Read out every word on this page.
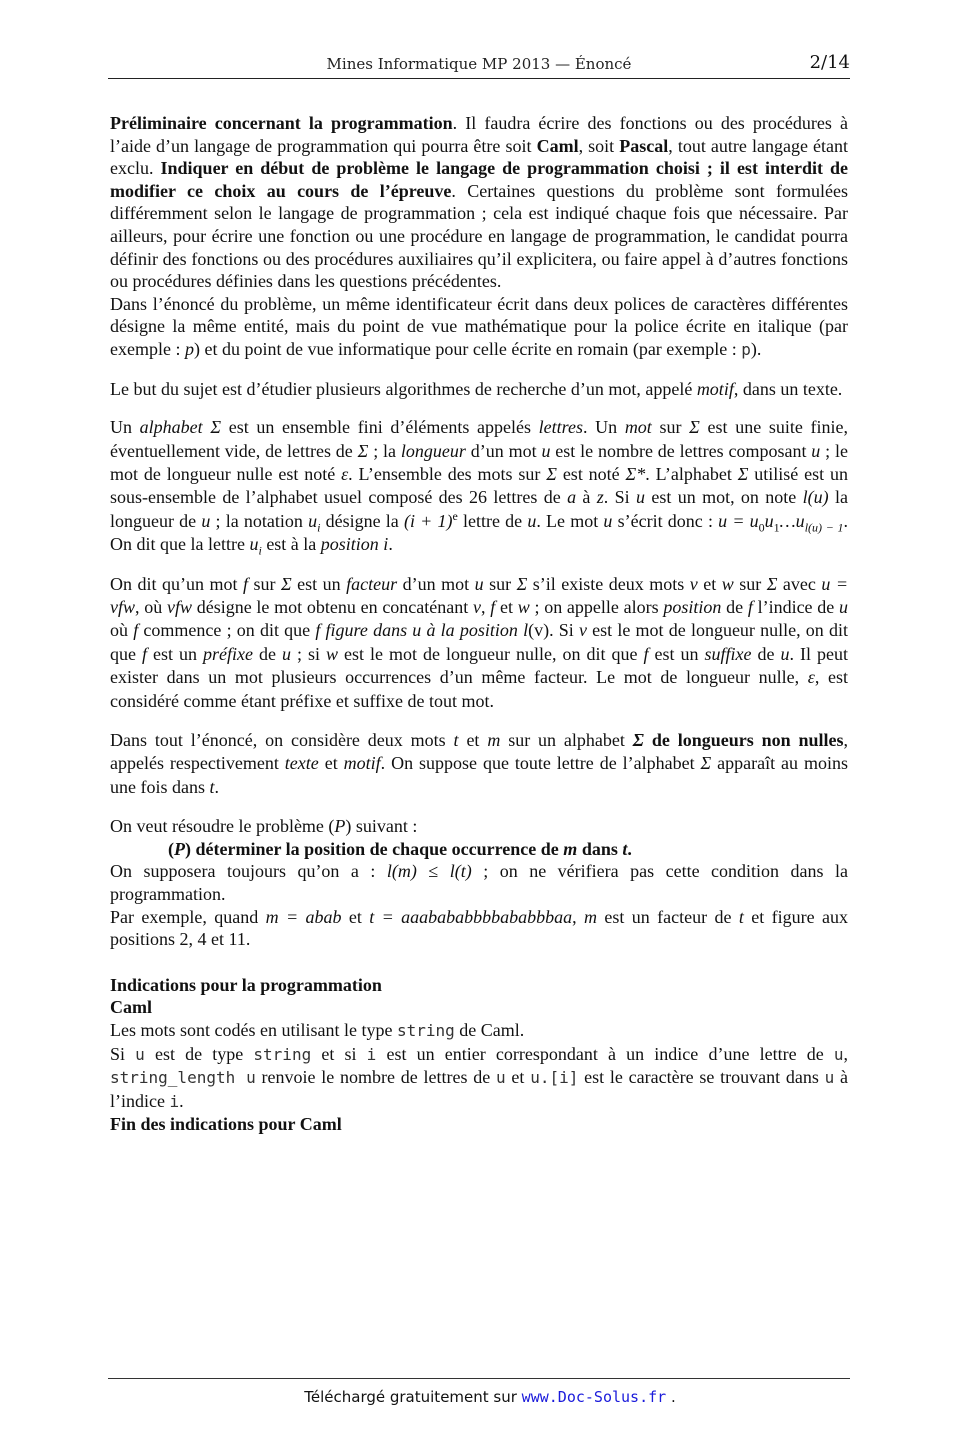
Mines Informatique MP 2013 — Énoncé	2/14

Préliminaire concernant la programmation. Il faudra écrire des fonctions ou des procédures à l’aide d’un langage de programmation qui pourra être soit Caml, soit Pascal, tout autre langage étant exclu. Indiquer en début de problème le langage de programmation choisi ; il est interdit de modifier ce choix au cours de l’épreuve. Certaines questions du problème sont formulées différemment selon le langage de programmation ; cela est indiqué chaque fois que nécessaire. Par ailleurs, pour écrire une fonction ou une procédure en langage de programmation, le candidat pourra définir des fonctions ou des procédures auxiliaires qu’il explicitera, ou faire appel à d’autres fonctions ou procédures définies dans les questions précédentes.

Dans l’énoncé du problème, un même identificateur écrit dans deux polices de caractères différentes désigne la même entité, mais du point de vue mathématique pour la police écrite en italique (par exemple : p) et du point de vue informatique pour celle écrite en romain (par exemple : p).

Le but du sujet est d’étudier plusieurs algorithmes de recherche d’un mot, appelé motif, dans un texte.

Un alphabet Σ est un ensemble fini d’éléments appelés lettres. Un mot sur Σ est une suite finie, éventuellement vide, de lettres de Σ ; la longueur d’un mot u est le nombre de lettres composant u ; le mot de longueur nulle est noté ε. L’ensemble des mots sur Σ est noté Σ*. L’alphabet Σ utilisé est un sous-ensemble de l’alphabet usuel composé des 26 lettres de a à z. Si u est un mot, on note l(u) la longueur de u ; la notation $u_i$ désigne la $(i + 1)^e$ lettre de u. Le mot u s’écrit donc : $u = u_0u_1\dots u_{l(u) - 1}$. On dit que la lettre $u_i$ est à la position i.

On dit qu’un mot f sur Σ est un facteur d’un mot u sur Σ s’il existe deux mots v et w sur Σ avec u = vfw, où vfw désigne le mot obtenu en concaténant v, f et w ; on appelle alors position de f l’indice de u où f commence ; on dit que f figure dans u à la position l(v). Si v est le mot de longueur nulle, on dit que f est un préfixe de u ; si w est le mot de longueur nulle, on dit que f est un suffixe de u. Il peut exister dans un mot plusieurs occurrences d’un même facteur. Le mot de longueur nulle, ε, est considéré comme étant préfixe et suffixe de tout mot.

Dans tout l’énoncé, on considère deux mots t et m sur un alphabet Σ de longueurs non nulles, appelés respectivement texte et motif. On suppose que toute lettre de l’alphabet Σ apparaît au moins une fois dans t.

On veut résoudre le problème (P) suivant :

(P) déterminer la position de chaque occurrence de m dans t.

On supposera toujours qu’on a : l(m) ≤ l(t) ; on ne vérifiera pas cette condition dans la programmation.

Par exemple, quand m = abab et t = aaabababbbbababbbaa, m est un facteur de t et figure aux positions 2, 4 et 11.

Indications pour la programmation

Caml

Les mots sont codés en utilisant le type string de Caml.

Si u est de type string et si i est un entier correspondant à un indice d’une lettre de u, string_length u renvoie le nombre de lettres de u et u.[i] est le caractère se trouvant dans u à l’indice i.

Fin des indications pour Caml

Téléchargé gratuitement sur www.Doc-Solus.fr .
